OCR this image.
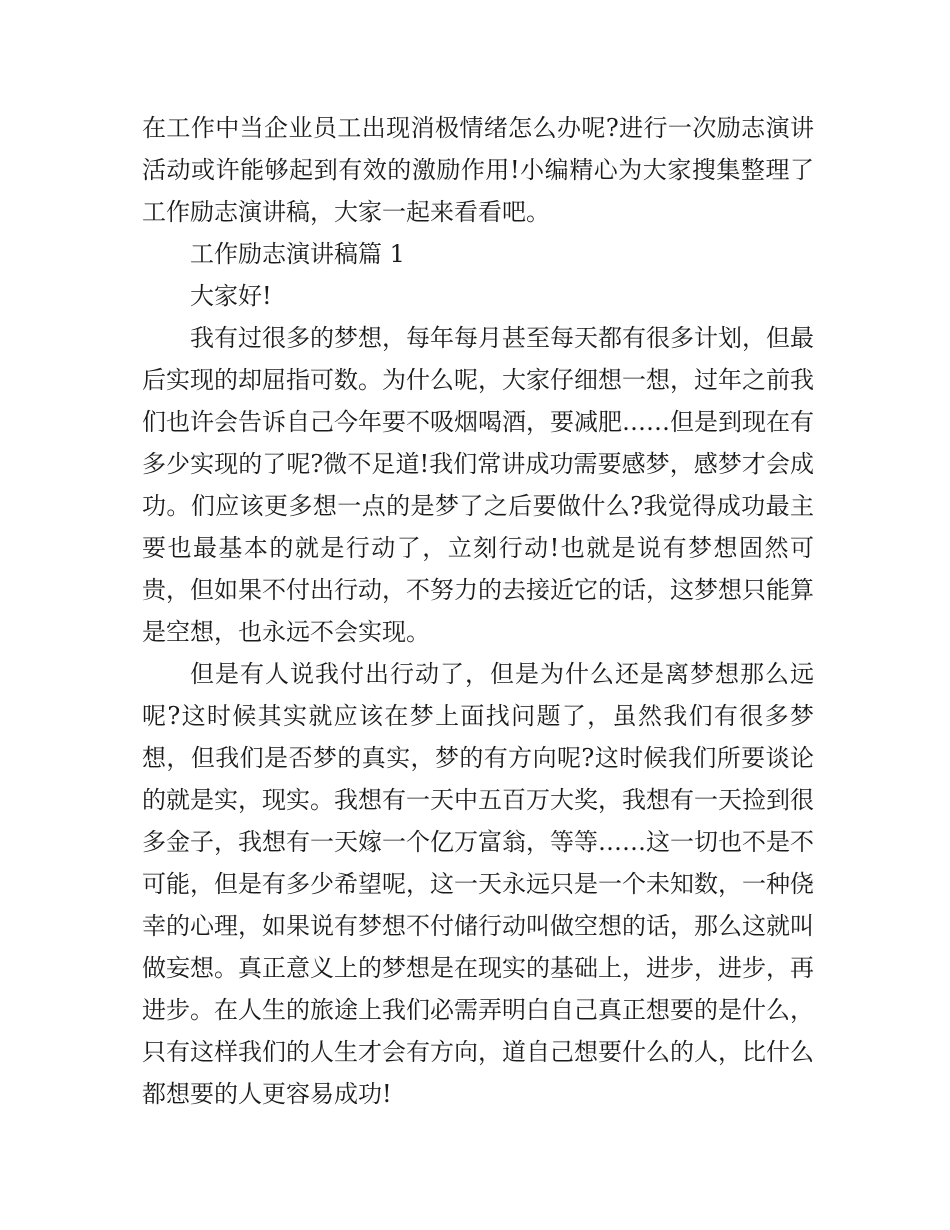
在工作中当企业员工出现消极情绪怎么办呢?进行一次励志演讲活动或许能够起到有效的激励作用!小编精心为大家搜集整理了工作励志演讲稿，大家一起来看看吧。

工作励志演讲稿篇 1

大家好!

我有过很多的梦想，每年每月甚至每天都有很多计划，但最后实现的却屈指可数。为什么呢，大家仔细想一想，过年之前我们也许会告诉自己今年要不吸烟喝酒，要减肥……但是到现在有多少实现的了呢?微不足道!我们常讲成功需要感梦，感梦才会成功。们应该更多想一点的是梦了之后要做什么?我觉得成功最主要也最基本的就是行动了，立刻行动!也就是说有梦想固然可贵，但如果不付出行动，不努力的去接近它的话，这梦想只能算是空想，也永远不会实现。

但是有人说我付出行动了，但是为什么还是离梦想那么远呢?这时候其实就应该在梦上面找问题了，虽然我们有很多梦想，但我们是否梦的真实，梦的有方向呢?这时候我们所要谈论的就是实，现实。我想有一天中五百万大奖，我想有一天捡到很多金子，我想有一天嫁一个亿万富翁，等等……这一切也不是不可能，但是有多少希望呢，这一天永远只是一个未知数，一种侥幸的心理，如果说有梦想不付储行动叫做空想的话，那么这就叫做妄想。真正意义上的梦想是在现实的基础上，进步，进步，再进步。在人生的旅途上我们必需弄明白自己真正想要的是什么，只有这样我们的人生才会有方向，道自己想要什么的人，比什么都想要的人更容易成功!
